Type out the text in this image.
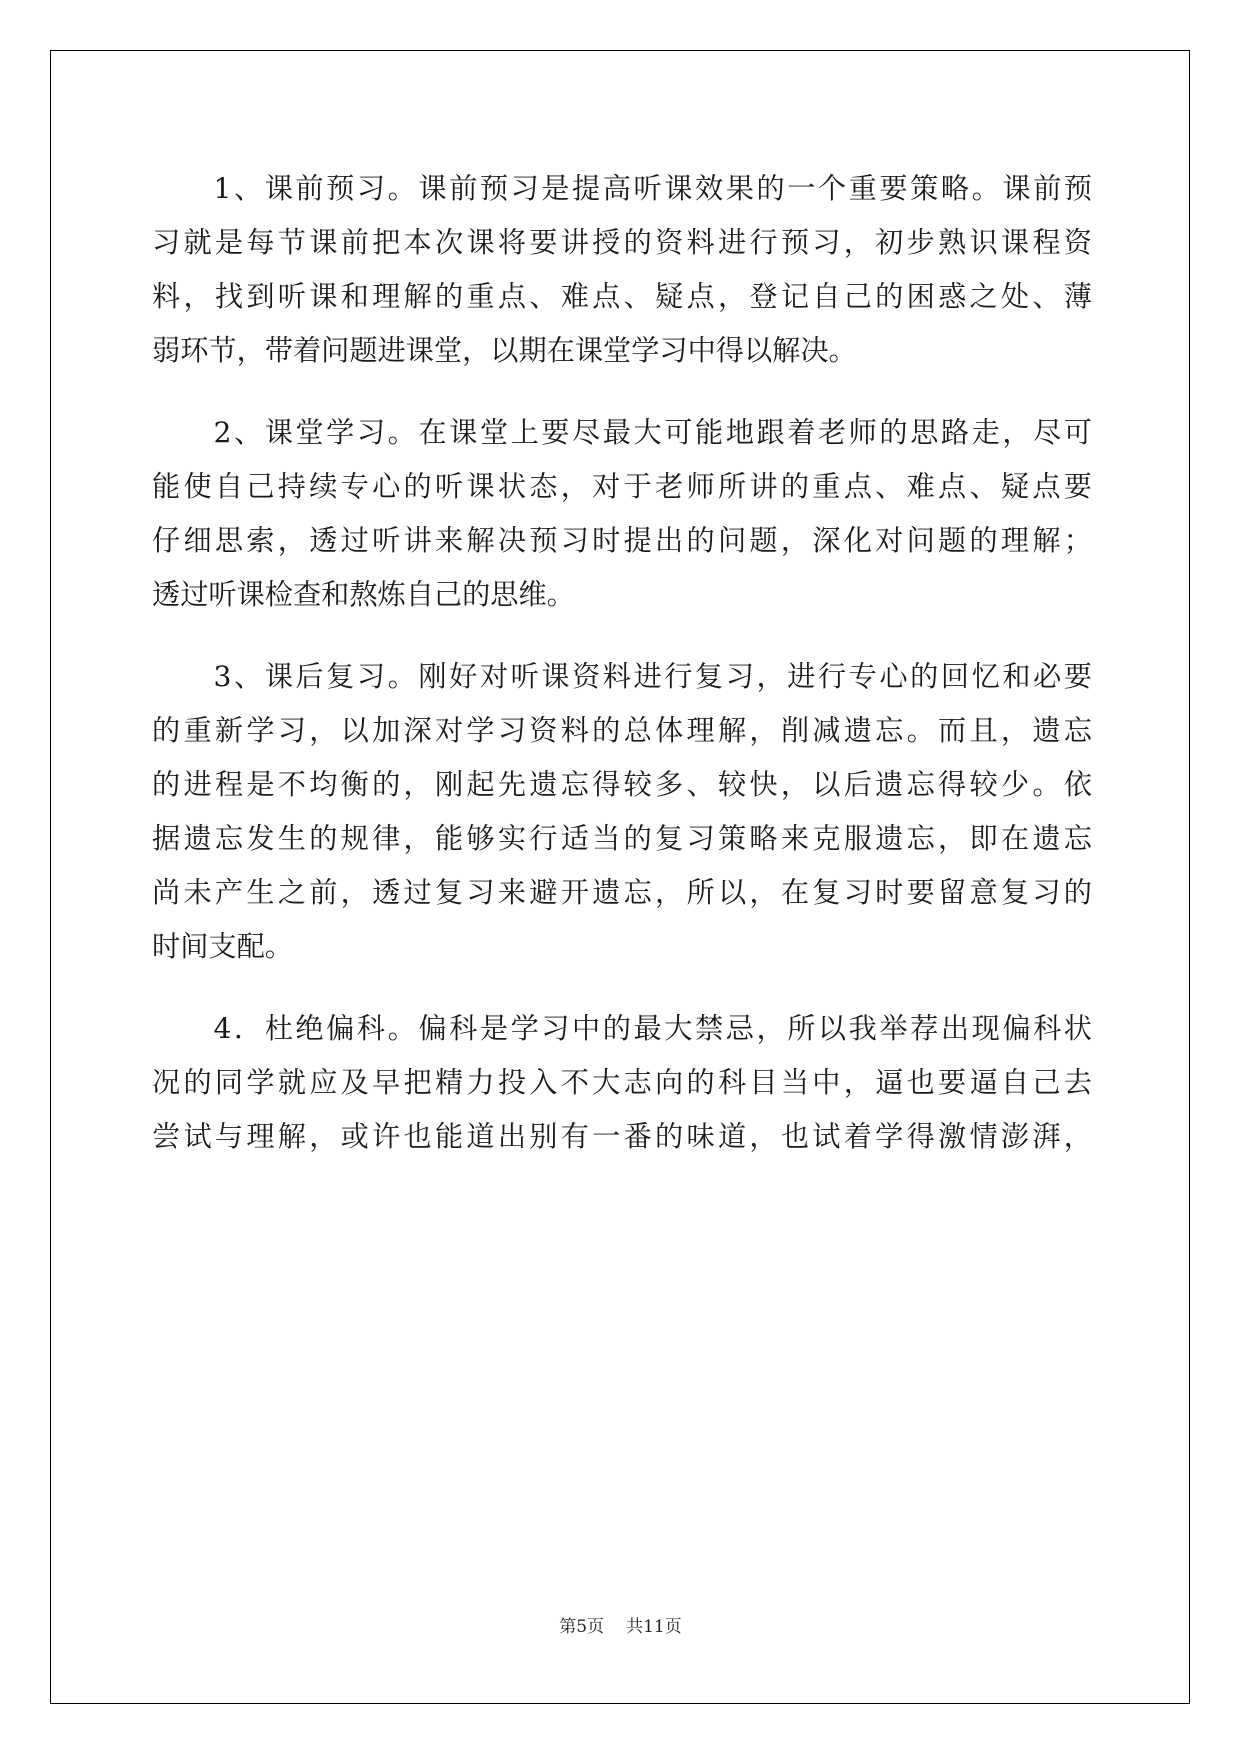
　　1、课前预习。课前预习是提高听课效果的一个重要策略。课前预
习就是每节课前把本次课将要讲授的资料进行预习，初步熟识课程资
料，找到听课和理解的重点、难点、疑点，登记自己的困惑之处、薄
弱环节，带着问题进课堂，以期在课堂学习中得以解决。
　　2、课堂学习。在课堂上要尽最大可能地跟着老师的思路走，尽可
能使自己持续专心的听课状态，对于老师所讲的重点、难点、疑点要
仔细思索，透过听讲来解决预习时提出的问题，深化对问题的理解；
透过听课检查和熬炼自己的思维。
　　3、课后复习。刚好对听课资料进行复习，进行专心的回忆和必要
的重新学习，以加深对学习资料的总体理解，削减遗忘。而且，遗忘
的进程是不均衡的，刚起先遗忘得较多、较快，以后遗忘得较少。依
据遗忘发生的规律，能够实行适当的复习策略来克服遗忘，即在遗忘
尚未产生之前，透过复习来避开遗忘，所以，在复习时要留意复习的
时间支配。
　　4．杜绝偏科。偏科是学习中的最大禁忌，所以我举荐出现偏科状
况的同学就应及早把精力投入不大志向的科目当中，逼也要逼自己去
尝试与理解，或许也能道出别有一番的味道，也试着学得激情澎湃，
第5页 共11页
